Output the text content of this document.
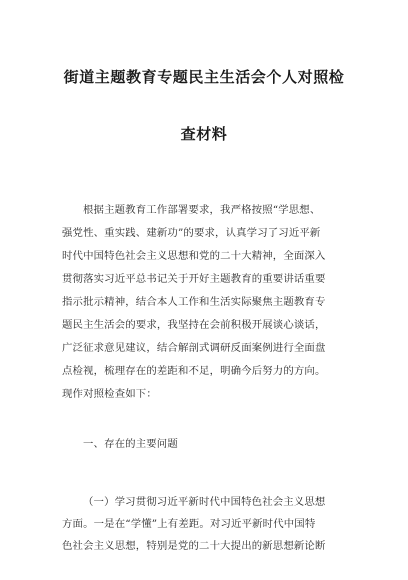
街道主题教育专题民主生活会个人对照检
查材料
根据主题教育工作部署要求，我严格按照“学思想、
强党性、重实践、建新功”的要求，认真学习了习近平新
时代中国特色社会主义思想和党的二十大精神，全面深入
贯彻落实习近平总书记关于开好主题教育的重要讲话重要
指示批示精神，结合本人工作和生活实际聚焦主题教育专
题民主生活会的要求，我坚持在会前积极开展谈心谈话，
广泛征求意见建议，结合解剖式调研反面案例进行全面盘
点检视，梳理存在的差距和不足，明确今后努力的方向。
现作对照检查如下：
一、存在的主要问题
（一）学习贯彻习近平新时代中国特色社会主义思想
方面。一是在“学懂”上有差距。对习近平新时代中国特
色社会主义思想，特别是党的二十大提出的新思想新论断
